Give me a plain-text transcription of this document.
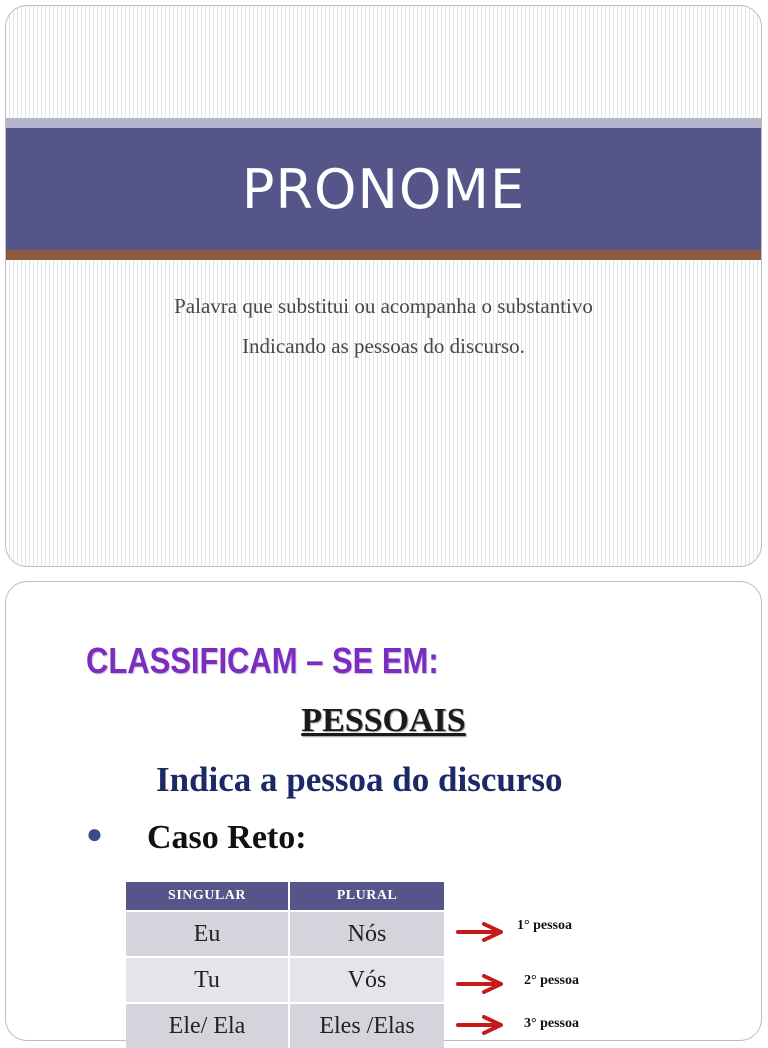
PRONOME
Palavra que substitui ou acompanha o substantivo
Indicando as pessoas do discurso.
CLASSIFICAM – SE EM:
PESSOAIS
Indica a pessoa do discurso
● Caso Reto:
SINGULAR	PLURAL
Eu	Nós
Tu	Vós
Ele/ Ela	Eles /Elas
1° pessoa
2° pessoa
3° pessoa
